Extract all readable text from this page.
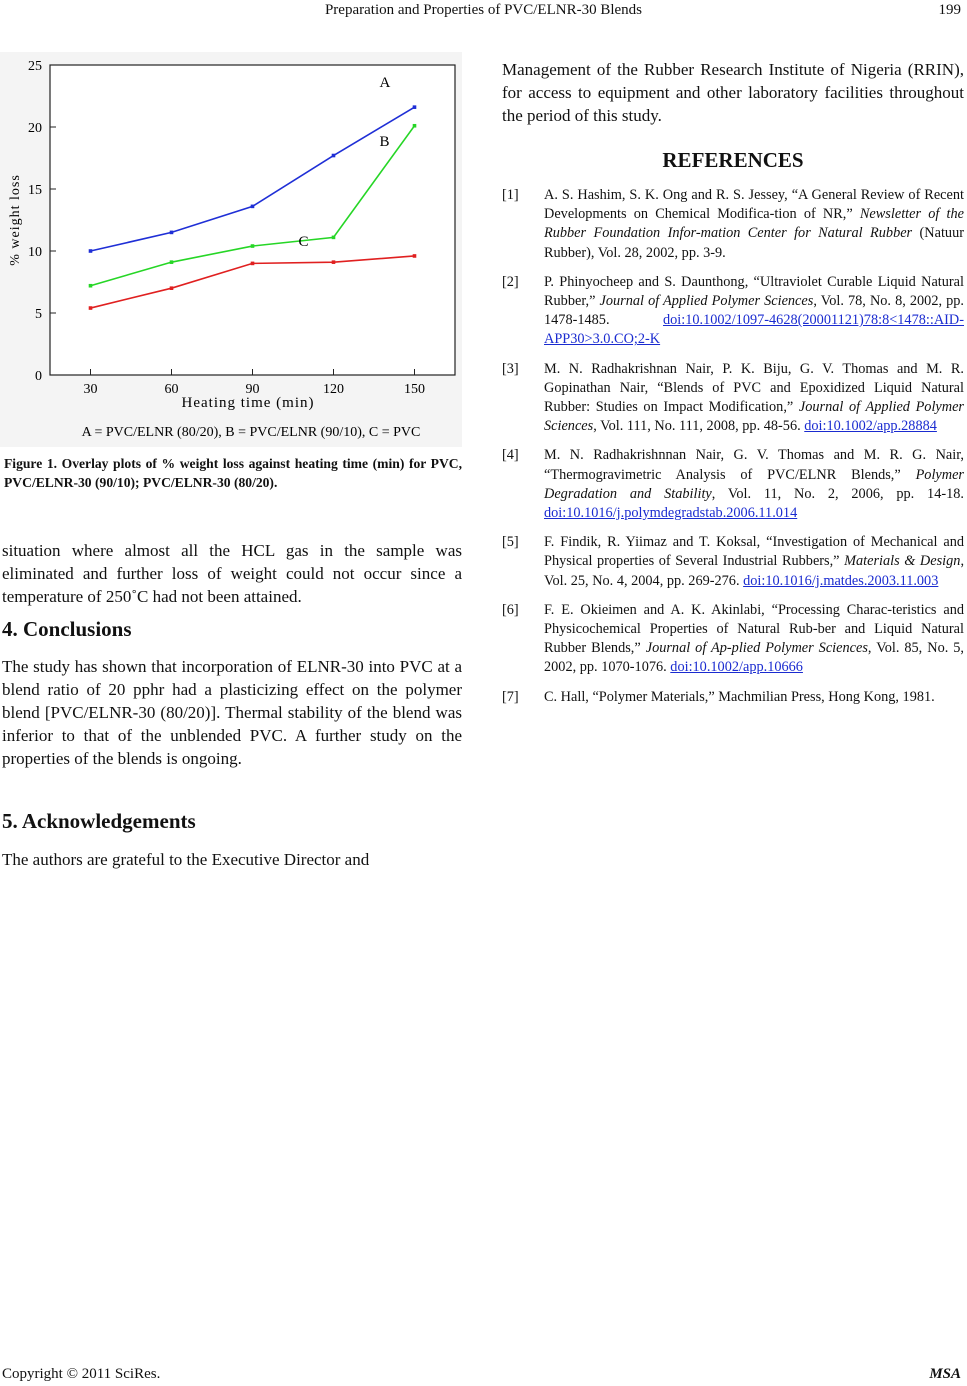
Preparation and Properties of PVC/ELNR-30 Blends	199
0
5
10
15
20
25
30	60	90	120	150
A
B
C
Heating time (min)
% weight loss
A = PVC/ELNR (80/20), B = PVC/ELNR (90/10), C = PVC
Figure 1. Overlay plots of % weight loss against heating time (min) for PVC, PVC/ELNR-30 (90/10); PVC/ELNR-30 (80/20).
situation where almost all the HCL gas in the sample was eliminated and further loss of weight could not occur since a temperature of 250˚C had not been attained.
4. Conclusions
The study has shown that incorporation of ELNR-30 into PVC at a blend ratio of 20 pphr had a plasticizing effect on the polymer blend [PVC/ELNR-30 (80/20)]. Thermal stability of the blend was inferior to that of the unblended PVC. A further study on the properties of the blends is ongoing.
5. Acknowledgements
The authors are grateful to the Executive Director and
Management of the Rubber Research Institute of Nigeria (RRIN), for access to equipment and other laboratory facilities throughout the period of this study.
REFERENCES
[1]	A. S. Hashim, S. K. Ong and R. S. Jessey, “A General Review of Recent Developments on Chemical Modifica-tion of NR,” Newsletter of the Rubber Foundation Infor-mation Center for Natural Rubber (Natuur Rubber), Vol. 28, 2002, pp. 3-9.
[2]	P. Phinyocheep and S. Daunthong, “Ultraviolet Curable Liquid Natural Rubber,” Journal of Applied Polymer Sciences, Vol. 78, No. 8, 2002, pp. 1478-1485. doi:10.1002/1097-4628(20001121)78:8<1478::AID-APP30>3.0.CO;2-K
[3]	M. N. Radhakrishnan Nair, P. K. Biju, G. V. Thomas and M. R. Gopinathan Nair, “Blends of PVC and Epoxidized Liquid Natural Rubber: Studies on Impact Modification,” Journal of Applied Polymer Sciences, Vol. 111, No. 111, 2008, pp. 48-56. doi:10.1002/app.28884
[4]	M. N. Radhakrishnnan Nair, G. V. Thomas and M. R. G. Nair, “Thermogravimetric Analysis of PVC/ELNR Blends,” Polymer Degradation and Stability, Vol. 11, No. 2, 2006, pp. 14-18. doi:10.1016/j.polymdegradstab.2006.11.014
[5]	F. Findik, R. Yiimaz and T. Koksal, “Investigation of Mechanical and Physical properties of Several Industrial Rubbers,” Materials & Design, Vol. 25, No. 4, 2004, pp. 269-276. doi:10.1016/j.matdes.2003.11.003
[6]	F. E. Okieimen and A. K. Akinlabi, “Processing Charac-teristics and Physicochemical Properties of Natural Rub-ber and Liquid Natural Rubber Blends,” Journal of Ap-plied Polymer Sciences, Vol. 85, No. 5, 2002, pp. 1070-1076. doi:10.1002/app.10666
[7]	C. Hall, “Polymer Materials,” Machmilian Press, Hong Kong, 1981.
Copyright © 2011 SciRes.	MSA
